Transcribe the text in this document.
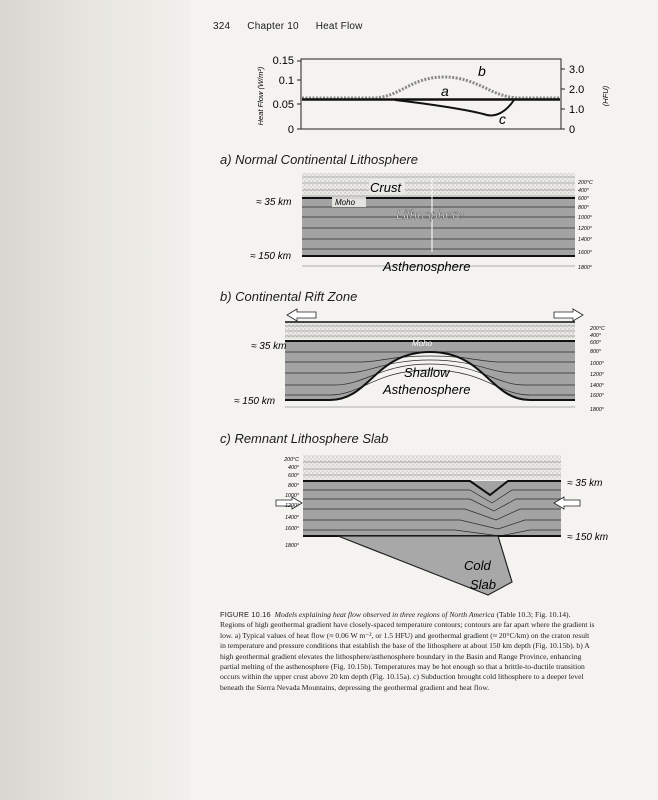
324 Chapter 10 Heat Flow
a) Normal Continental Lithosphere
b) Continental Rift Zone
c) Remnant Lithosphere Slab
0.15
0.1
0.05
0
3.0
2.0
1.0
0
Heat Flow (W/m²)	(HFU)
a
b
c
Crust
Moho
Lithosphere
Asthenosphere
≈ 35 km
≈ 150 km
200°C
400°
600°
800°
1000°
1200°
1400°
1600°
1800°
Moho
Shallow
Asthenosphere
≈ 35 km
≈ 150 km
200°C
400°
600°
800°
1000°
1200°
1400°
1600°
1800°
Cold
Slab
≈ 35 km
≈ 150 km
200°C
400°
600°
800°
1000°
1200°
1400°
1600°
1800°
FIGURE 10.16 Models explaining heat flow observed in three regions of North America (Table 10.3; Fig. 10.14). Regions of high geothermal gradient have closely-spaced temperature contours; contours are far apart where the gradient is low. a) Typical values of heat flow (≈ 0.06 W m⁻², or 1.5 HFU) and geothermal gradient (≈ 20°C/km) on the craton result in temperature and pressure conditions that establish the base of the lithosphere at about 150 km depth (Fig. 10.15b). b) A high geothermal gradient elevates the lithosphere/asthenosphere boundary in the Basin and Range Province, enhancing partial melting of the asthenosphere (Fig. 10.15b). Temperatures may be hot enough so that a brittle-to-ductile transition occurs within the upper crust above 20 km depth (Fig. 10.15a). c) Subduction brought cold lithosphere to a deeper level beneath the Sierra Nevada Mountains, depressing the geothermal gradient and heat flow.
